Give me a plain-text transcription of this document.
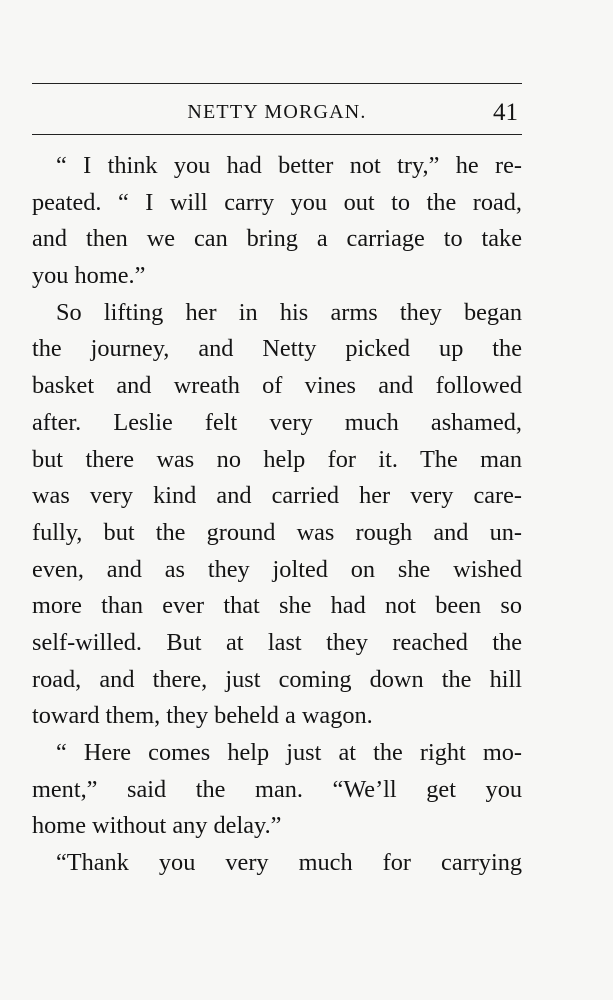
NETTY MORGAN.	41
“ I think you had better not try,” he re-
peated. “ I will carry you out to the road,
and then we can bring a carriage to take
you home.”
So lifting her in his arms they began
the journey, and Netty picked up the
basket and wreath of vines and followed
after. Leslie felt very much ashamed,
but there was no help for it. The man
was very kind and carried her very care-
fully, but the ground was rough and un-
even, and as they jolted on she wished
more than ever that she had not been so
self-willed. But at last they reached the
road, and there, just coming down the hill
toward them, they beheld a wagon.
“ Here comes help just at the right mo-
ment,” said the man. “We’ll get you
home without any delay.”
“Thank you very much for carrying
